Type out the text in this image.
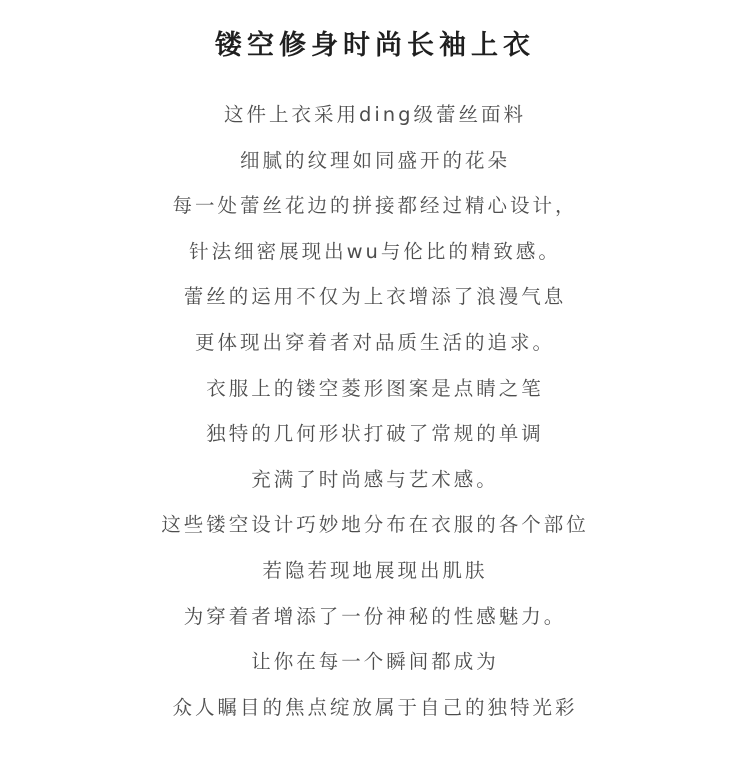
镂空修身时尚长袖上衣
这件上衣采用ding级蕾丝面料
细腻的纹理如同盛开的花朵
每一处蕾丝花边的拼接都经过精心设计，
针法细密展现出wu与伦比的精致感。
蕾丝的运用不仅为上衣增添了浪漫气息
更体现出穿着者对品质生活的追求。
衣服上的镂空菱形图案是点睛之笔
独特的几何形状打破了常规的单调
充满了时尚感与艺术感。
这些镂空设计巧妙地分布在衣服的各个部位
若隐若现地展现出肌肤
为穿着者增添了一份神秘的性感魅力。
让你在每一个瞬间都成为
众人瞩目的焦点绽放属于自己的独特光彩
